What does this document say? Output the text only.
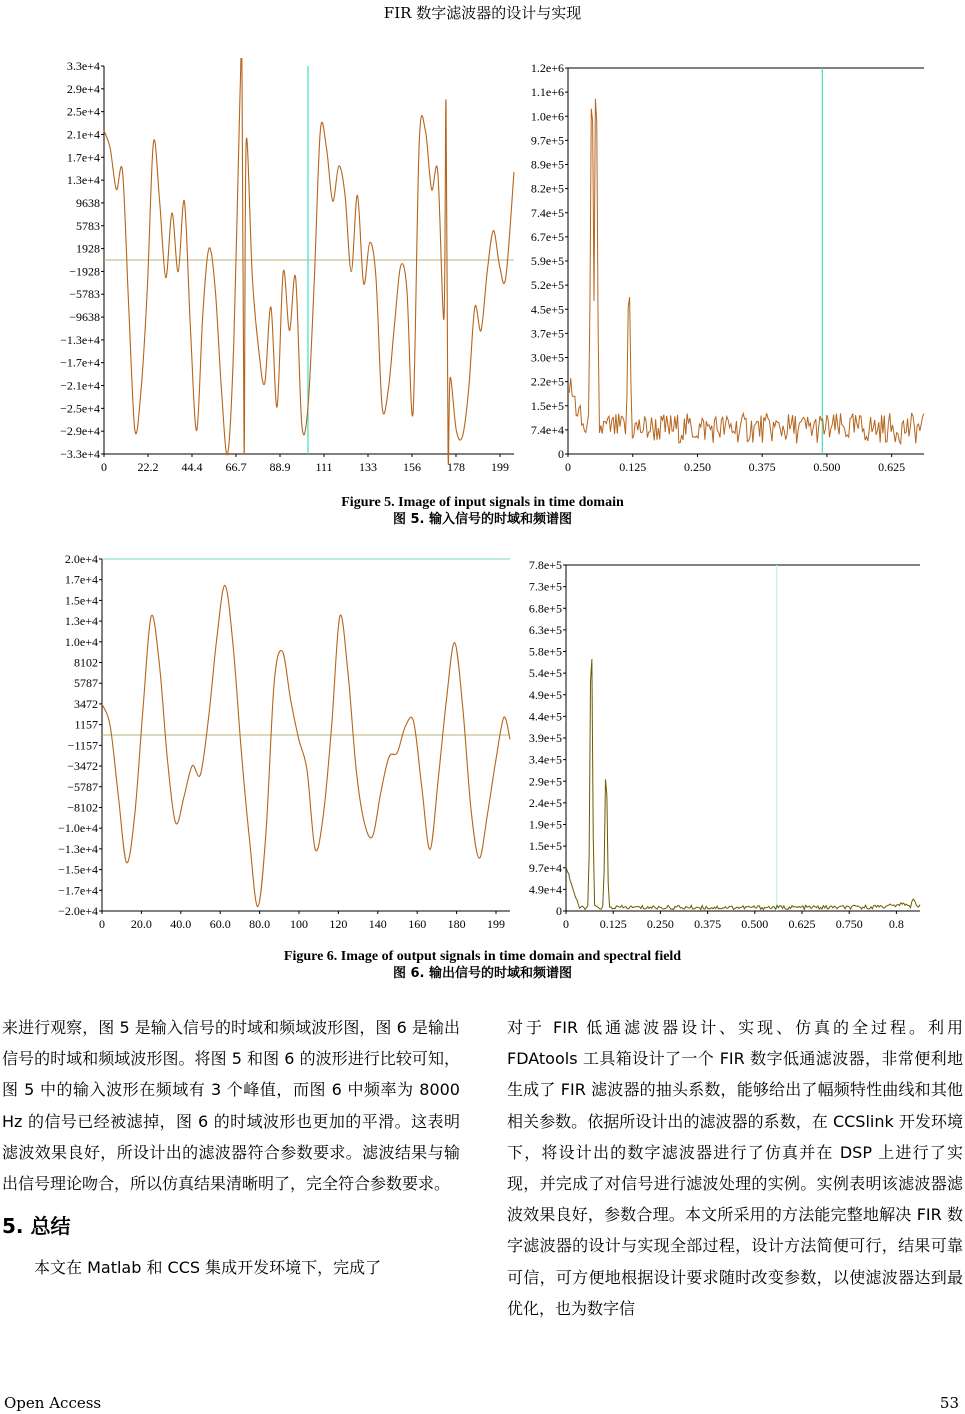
FIR 数字滤波器的设计与实现
3.3e+4
2.9e+4
2.5e+4
2.1e+4
1.7e+4
1.3e+4
9638
5783
1928
−1928
−5783
−9638
−1.3e+4
−1.7e+4
−2.1e+4
−2.5e+4
−2.9e+4
−3.3e+4
0	22.2 44.4 66.7 88.9 111 133 156 178 199
1.2e+6
1.1e+6
1.0e+6
9.7e+5
8.9e+5
8.2e+5
7.4e+5
6.7e+5
5.9e+5
5.2e+5
4.5e+5
3.7e+5
3.0e+5
2.2e+5
1.5e+5
7.4e+4
0
0	0.125	0.250	0.375	0.500	0.625
Figure 5. Image of input signals in time domain
图 5. 输入信号的时域和频谱图
2.0e+4
1.7e+4
1.5e+4
1.3e+4
1.0e+4
8102
5787
3472
1157
−1157
−3472
−5787
−8102
−1.0e+4
−1.3e+4
−1.5e+4
−1.7e+4
−2.0e+4
0 20.0 40.0 60.0 80.0 100 120 140 160 180 199
7.8e+5
7.3e+5
6.8e+5
6.3e+5
5.8e+5
5.4e+5
4.9e+5
4.4e+5
3.9e+5
3.4e+5
2.9e+5
2.4e+5
1.9e+5
1.5e+5
9.7e+4
4.9e+4
0
0	0.125 0.250 0.375 0.500 0.625 0.750 0.8
Figure 6. Image of output signals in time domain and spectral field
图 6. 输出信号的时域和频谱图

来进行观察，图 5 是输入信号的时域和频域波形图，图 6 是输出信号的时域和频域波形图。将图 5 和图 6 的波形进行比较可知，图 5 中的输入波形在频域有 3 个峰值，而图 6 中频率为 8000 Hz 的信号已经被滤掉，图 6 的时域波形也更加的平滑。这表明滤波效果良好，所设计出的滤波器符合参数要求。滤波结果与输出信号理论吻合，所以仿真结果清晰明了，完全符合参数要求。

5. 总结

本文在 Matlab 和 CCS 集成开发环境下，完成了

对于 FIR 低通滤波器设计、实现、仿真的全过程。利用 FDAtools 工具箱设计了一个 FIR 数字低通滤波器，非常便利地生成了 FIR 滤波器的抽头系数，能够给出了幅频特性曲线和其他相关参数。依据所设计出的滤波器的系数，在 CCSlink 开发环境下，将设计出的数字滤波器进行了仿真并在 DSP 上进行了实现，并完成了对信号进行滤波处理的实例。实例表明该滤波器滤波效果良好，参数合理。本文所采用的方法能完整地解决 FIR 数字滤波器的设计与实现全部过程，设计方法简便可行，结果可靠可信，可方便地根据设计要求随时改变参数，以使滤波器达到最优化，也为数字信

Open Access	53
